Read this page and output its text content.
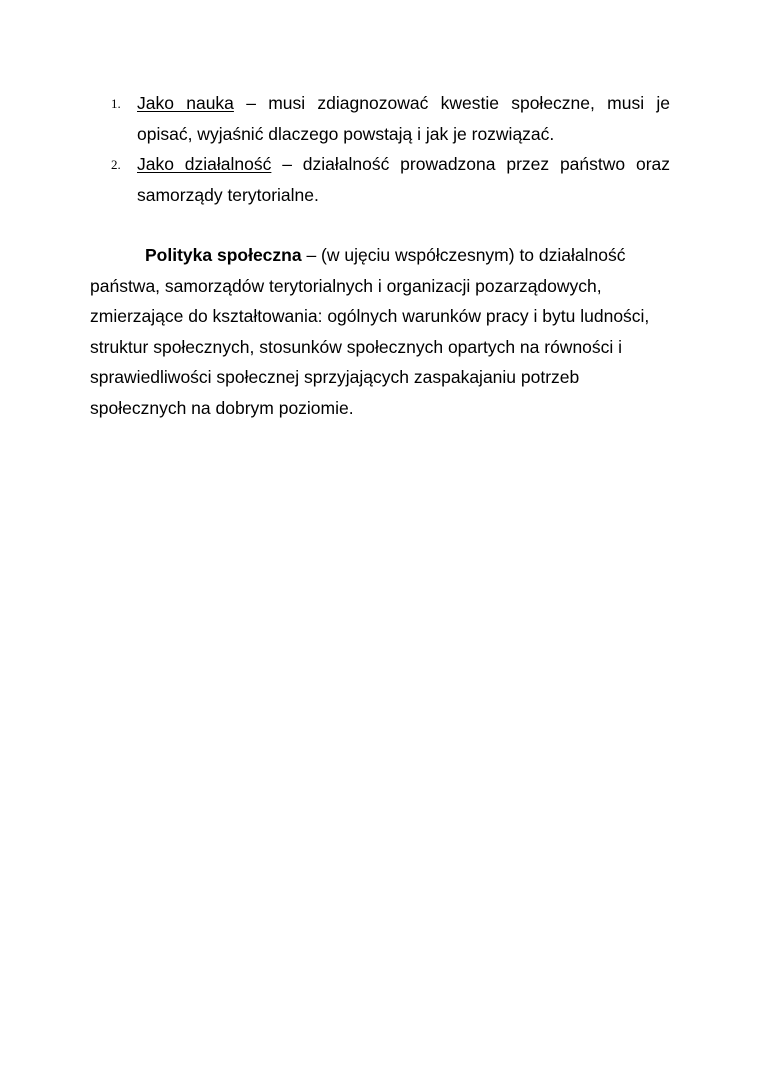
1. Jako nauka – musi zdiagnozować kwestie społeczne, musi je opisać, wyjaśnić dlaczego powstają i jak je rozwiązać.
2. Jako działalność – działalność prowadzona przez państwo oraz samorządy terytorialne.

Polityka społeczna – (w ujęciu współczesnym) to działalność państwa, samorządów terytorialnych i organizacji pozarządowych, zmierzające do kształtowania: ogólnych warunków pracy i bytu ludności, struktur społecznych, stosunków społecznych opartych na równości i sprawiedliwości społecznej sprzyjających zaspakajaniu potrzeb społecznych na dobrym poziomie.
